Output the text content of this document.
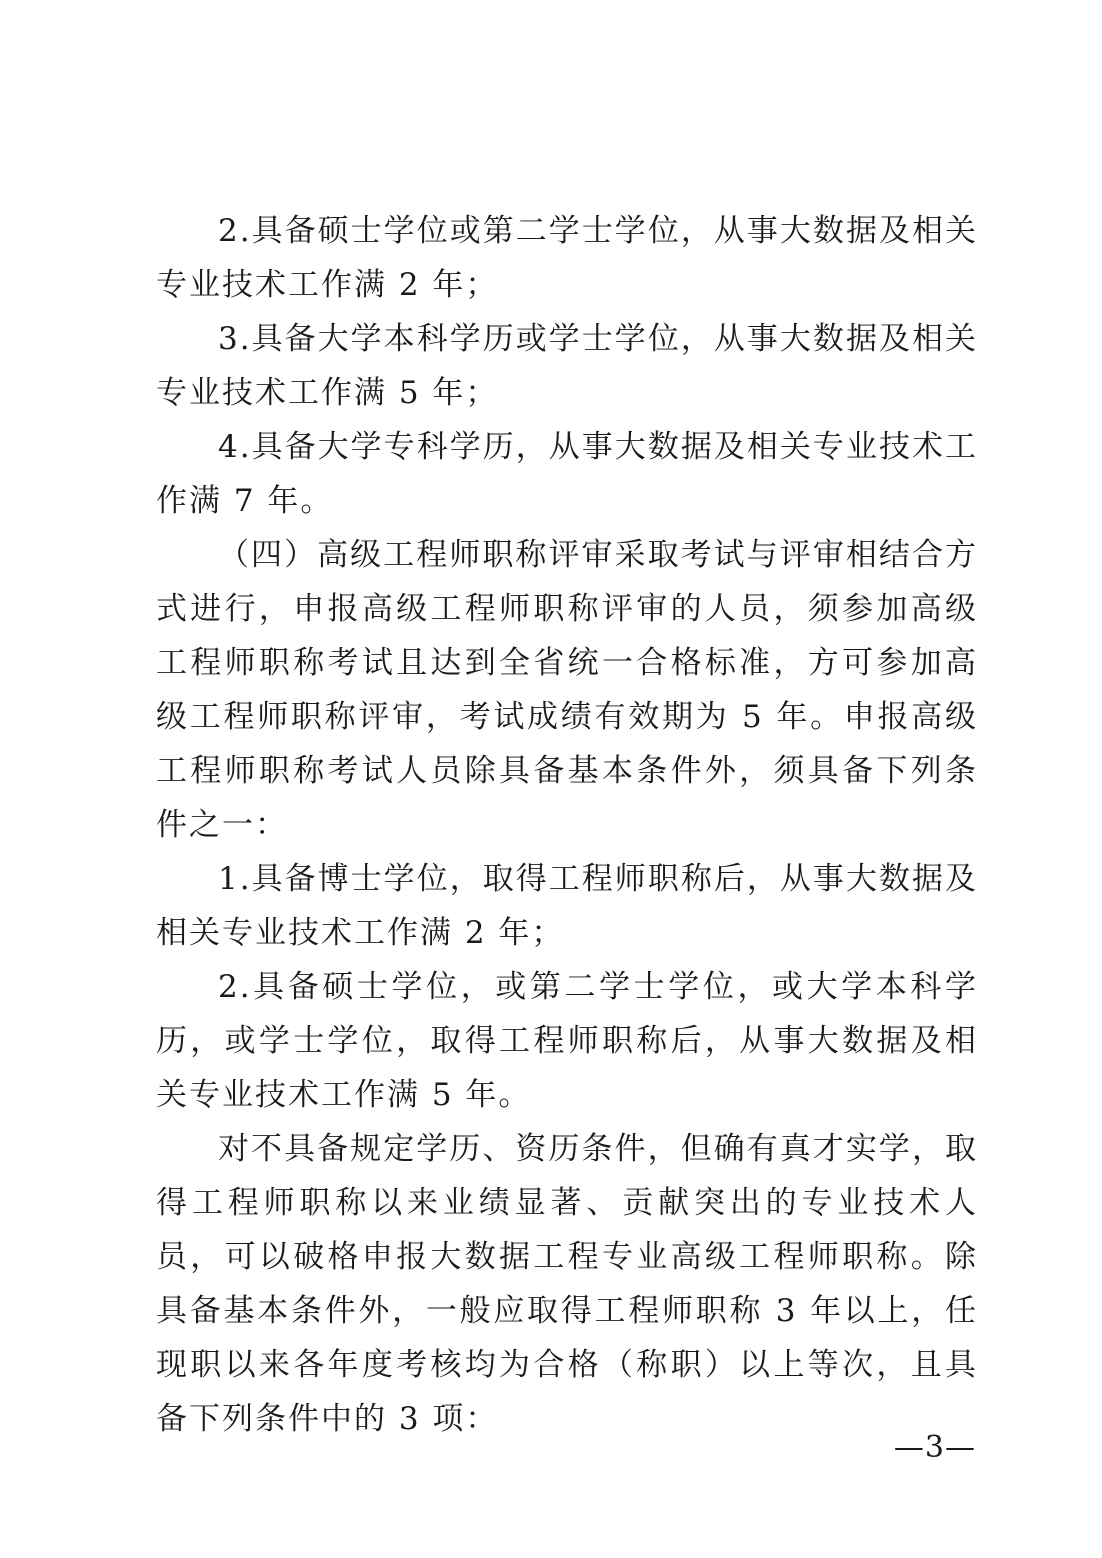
2.具备硕士学位或第二学士学位，从事大数据及相关专业技术工作满 2 年；

3.具备大学本科学历或学士学位，从事大数据及相关专业技术工作满 5 年；

4.具备大学专科学历，从事大数据及相关专业技术工作满 7 年。

（四）高级工程师职称评审采取考试与评审相结合方式进行，申报高级工程师职称评审的人员，须参加高级工程师职称考试且达到全省统一合格标准，方可参加高级工程师职称评审，考试成绩有效期为 5 年。申报高级工程师职称考试人员除具备基本条件外，须具备下列条件之一：

1.具备博士学位，取得工程师职称后，从事大数据及相关专业技术工作满 2 年；

2.具备硕士学位，或第二学士学位，或大学本科学历，或学士学位，取得工程师职称后，从事大数据及相关专业技术工作满 5 年。

对不具备规定学历、资历条件，但确有真才实学，取得工程师职称以来业绩显著、贡献突出的专业技术人员，可以破格申报大数据工程专业高级工程师职称。除具备基本条件外，一般应取得工程师职称 3 年以上，任现职以来各年度考核均为合格（称职）以上等次，且具备下列条件中的 3 项：

—3—
